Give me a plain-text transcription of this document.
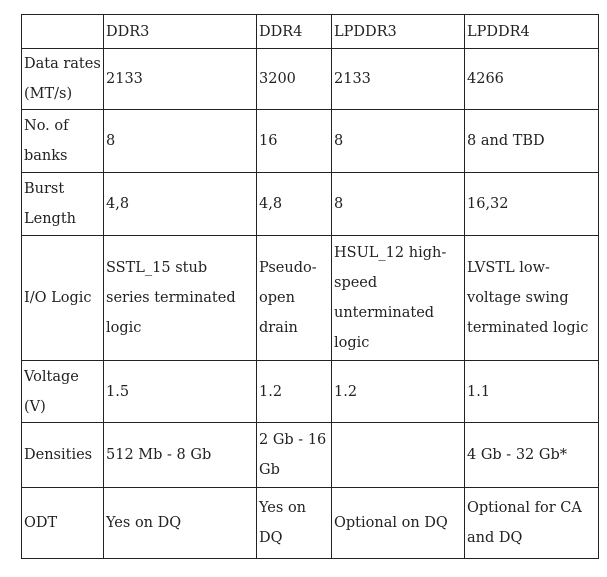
	DDR3	DDR4	LPDDR3	LPDDR4
Data rates (MT/s)	2133	3200	2133	4266
No. of banks	8	16	8	8 and TBD
Burst Length	4,8	4,8	8	16,32
I/O Logic	SSTL_15 stub series terminated logic	Pseudo-open drain	HSUL_12 high-speed unterminated logic	LVSTL low-voltage swing terminated logic
Voltage (V)	1.5	1.2	1.2	1.1
Densities	512 Mb - 8 Gb	2 Gb - 16 Gb		4 Gb - 32 Gb*
ODT	Yes on DQ	Yes on DQ	Optional on DQ	Optional for CA and DQ
